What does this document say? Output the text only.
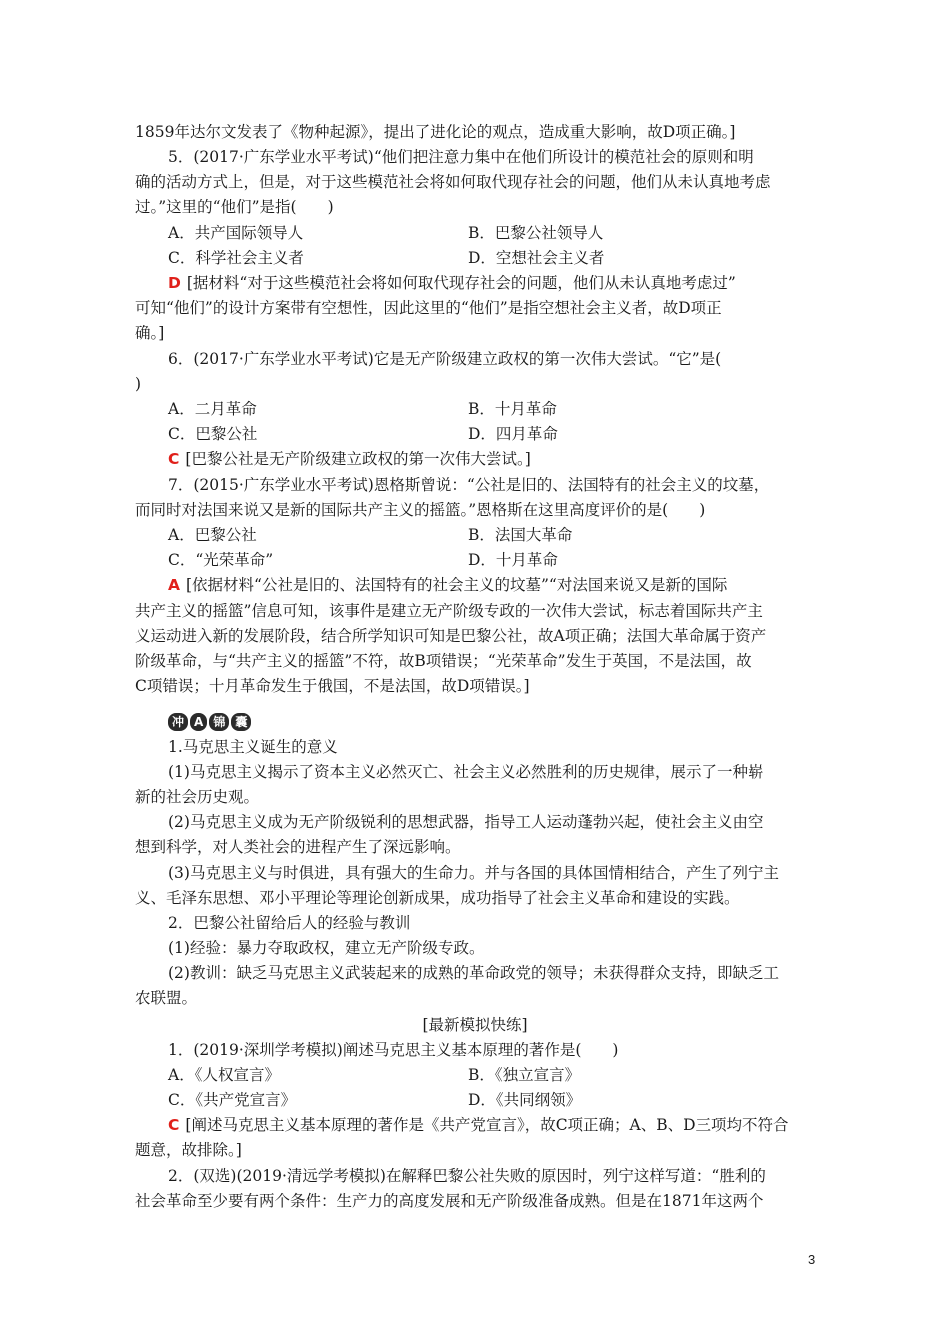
1859年达尔文发表了《物种起源》，提出了进化论的观点，造成重大影响，故D项正确。]
5．(2017·广东学业水平考试)“他们把注意力集中在他们所设计的模范社会的原则和明
确的活动方式上，但是，对于这些模范社会将如何取代现存社会的问题，他们从未认真地考虑
过。”这里的“他们”是指(　　)
A．共产国际领导人	B．巴黎公社领导人
C．科学社会主义者	D．空想社会主义者
D [据材料“对于这些模范社会将如何取代现存社会的问题，他们从未认真地考虑过”
可知“他们”的设计方案带有空想性，因此这里的“他们”是指空想社会主义者，故D项正
确。]
6．(2017·广东学业水平考试)它是无产阶级建立政权的第一次伟大尝试。“它”是(
)
A．二月革命	B．十月革命
C．巴黎公社	D．四月革命
C [巴黎公社是无产阶级建立政权的第一次伟大尝试。]
7．(2015·广东学业水平考试)恩格斯曾说：“公社是旧的、法国特有的社会主义的坟墓，
而同时对法国来说又是新的国际共产主义的摇篮。”恩格斯在这里高度评价的是(　　)
A．巴黎公社	B．法国大革命
C．“光荣革命”	D．十月革命
A [依据材料“公社是旧的、法国特有的社会主义的坟墓”“对法国来说又是新的国际
共产主义的摇篮”信息可知，该事件是建立无产阶级专政的一次伟大尝试，标志着国际共产主
义运动进入新的发展阶段，结合所学知识可知是巴黎公社，故A项正确；法国大革命属于资产
阶级革命，与“共产主义的摇篮”不符，故B项错误；“光荣革命”发生于英国，不是法国，故
C项错误；十月革命发生于俄国，不是法国，故D项错误。]
冲 A 锦 囊
1.马克思主义诞生的意义
(1)马克思主义揭示了资本主义必然灭亡、社会主义必然胜利的历史规律，展示了一种崭
新的社会历史观。
(2)马克思主义成为无产阶级锐利的思想武器，指导工人运动蓬勃兴起，使社会主义由空
想到科学，对人类社会的进程产生了深远影响。
(3)马克思主义与时俱进，具有强大的生命力。并与各国的具体国情相结合，产生了列宁主
义、毛泽东思想、邓小平理论等理论创新成果，成功指导了社会主义革命和建设的实践。
2．巴黎公社留给后人的经验与教训
(1)经验：暴力夺取政权，建立无产阶级专政。
(2)教训：缺乏马克思主义武装起来的成熟的革命政党的领导；未获得群众支持，即缺乏工
农联盟。
[最新模拟快练]
1．(2019·深圳学考模拟)阐述马克思主义基本原理的著作是(　　)
A．《人权宣言》	B．《独立宣言》
C．《共产党宣言》	D．《共同纲领》
C [阐述马克思主义基本原理的著作是《共产党宣言》，故C项正确；A、B、D三项均不符合
题意，故排除。]
2．(双选)(2019·清远学考模拟)在解释巴黎公社失败的原因时，列宁这样写道：“胜利的
社会革命至少要有两个条件：生产力的高度发展和无产阶级准备成熟。但是在1871年这两个
3
